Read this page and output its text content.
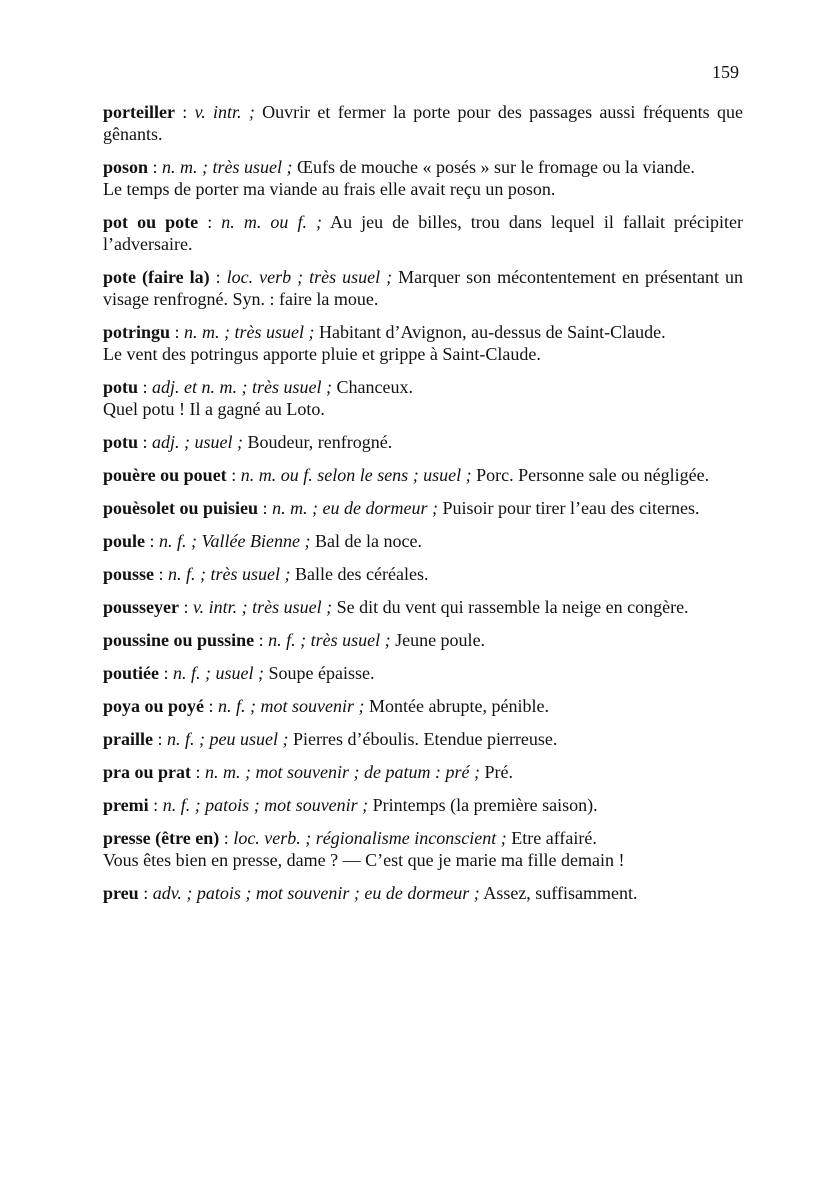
159
porteiller : v. intr. ; Ouvrir et fermer la porte pour des passages aussi fréquents que gênants.
poson : n. m. ; très usuel ; Œufs de mouche « posés » sur le fromage ou la viande.
Le temps de porter ma viande au frais elle avait reçu un poson.
pot ou pote : n. m. ou f. ; Au jeu de billes, trou dans lequel il fallait précipiter l’adversaire.
pote (faire la) : loc. verb ; très usuel ; Marquer son mécontentement en présentant un visage renfrogné. Syn. : faire la moue.
potringu : n. m. ; très usuel ; Habitant d’Avignon, au-dessus de Saint-Claude.
Le vent des potringus apporte pluie et grippe à Saint-Claude.
potu : adj. et n. m. ; très usuel ; Chanceux.
Quel potu ! Il a gagné au Loto.
potu : adj. ; usuel ; Boudeur, renfrogné.
pouère ou pouet : n. m. ou f. selon le sens ; usuel ; Porc. Personne sale ou négligée.
pouèsolet ou puisieu : n. m. ; eu de dormeur ; Puisoir pour tirer l’eau des citernes.
poule : n. f. ; Vallée Bienne ; Bal de la noce.
pousse : n. f. ; très usuel ; Balle des céréales.
pousseyer : v. intr. ; très usuel ; Se dit du vent qui rassemble la neige en congère.
poussine ou pussine : n. f. ; très usuel ; Jeune poule.
poutiée : n. f. ; usuel ; Soupe épaisse.
poya ou poyé : n. f. ; mot souvenir ; Montée abrupte, pénible.
praille : n. f. ; peu usuel ; Pierres d’éboulis. Etendue pierreuse.
pra ou prat : n. m. ; mot souvenir ; de patum : pré ; Pré.
premi : n. f. ; patois ; mot souvenir ; Printemps (la première saison).
presse (être en) : loc. verb. ; régionalisme inconscient ; Etre affairé.
Vous êtes bien en presse, dame ? — C’est que je marie ma fille demain !
preu : adv. ; patois ; mot souvenir ; eu de dormeur ; Assez, suffisamment.
